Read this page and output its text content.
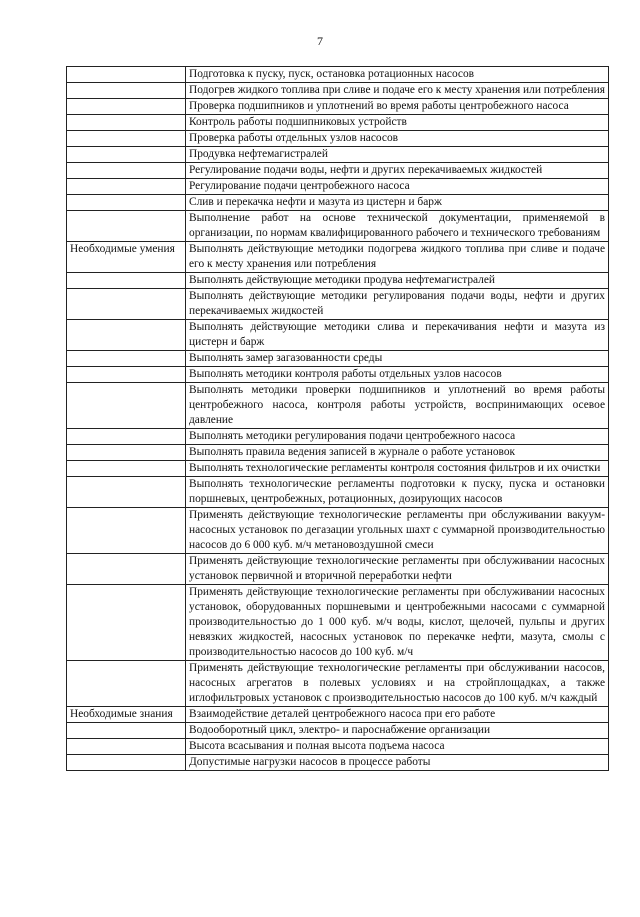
7
	Подготовка к пуску, пуск, остановка ротационных насосов
	Подогрев жидкого топлива при сливе и подаче его к месту хранения или потребления
	Проверка подшипников и уплотнений во время работы центробежного насоса
	Контроль работы подшипниковых устройств
	Проверка работы отдельных узлов насосов
	Продувка нефтемагистралей
	Регулирование подачи воды, нефти и других перекачиваемых жидкостей
	Регулирование подачи центробежного насоса
	Слив и перекачка нефти и мазута из цистерн и барж
	Выполнение работ на основе технической документации, применяемой в организации, по нормам квалифицированного рабочего и технического требованиям
Необходимые умения	Выполнять действующие методики подогрева жидкого топлива при сливе и подаче его к месту хранения или потребления
	Выполнять действующие методики продува нефтемагистралей
	Выполнять действующие методики регулирования подачи воды, нефти и других перекачиваемых жидкостей
	Выполнять действующие методики слива и перекачивания нефти и мазута из цистерн и барж
	Выполнять замер загазованности среды
	Выполнять методики контроля работы отдельных узлов насосов
	Выполнять методики проверки подшипников и уплотнений во время работы центробежного насоса, контроля работы устройств, воспринимающих осевое давление
	Выполнять методики регулирования подачи центробежного насоса
	Выполнять правила ведения записей в журнале о работе установок
	Выполнять технологические регламенты контроля состояния фильтров и их очистки
	Выполнять технологические регламенты подготовки к пуску, пуска и остановки поршневых, центробежных, ротационных, дозирующих насосов
	Применять действующие технологические регламенты при обслуживании вакуум-насосных установок по дегазации угольных шахт с суммарной производительностью насосов до 6 000 куб. м/ч метановоздушной смеси
	Применять действующие технологические регламенты при обслуживании насосных установок первичной и вторичной переработки нефти
	Применять действующие технологические регламенты при обслуживании насосных установок, оборудованных поршневыми и центробежными насосами с суммарной производительностью до 1 000 куб. м/ч воды, кислот, щелочей, пульпы и других невязких жидкостей, насосных установок по перекачке нефти, мазута, смолы с производительностью насосов до 100 куб. м/ч
	Применять действующие технологические регламенты при обслуживании насосов, насосных агрегатов в полевых условиях и на стройплощадках, а также иглофильтровых установок с производительностью насосов до 100 куб. м/ч каждый
Необходимые знания	Взаимодействие деталей центробежного насоса при его работе
	Водооборотный цикл, электро- и пароснабжение организации
	Высота всасывания и полная высота подъема насоса
	Допустимые нагрузки насосов в процессе работы
